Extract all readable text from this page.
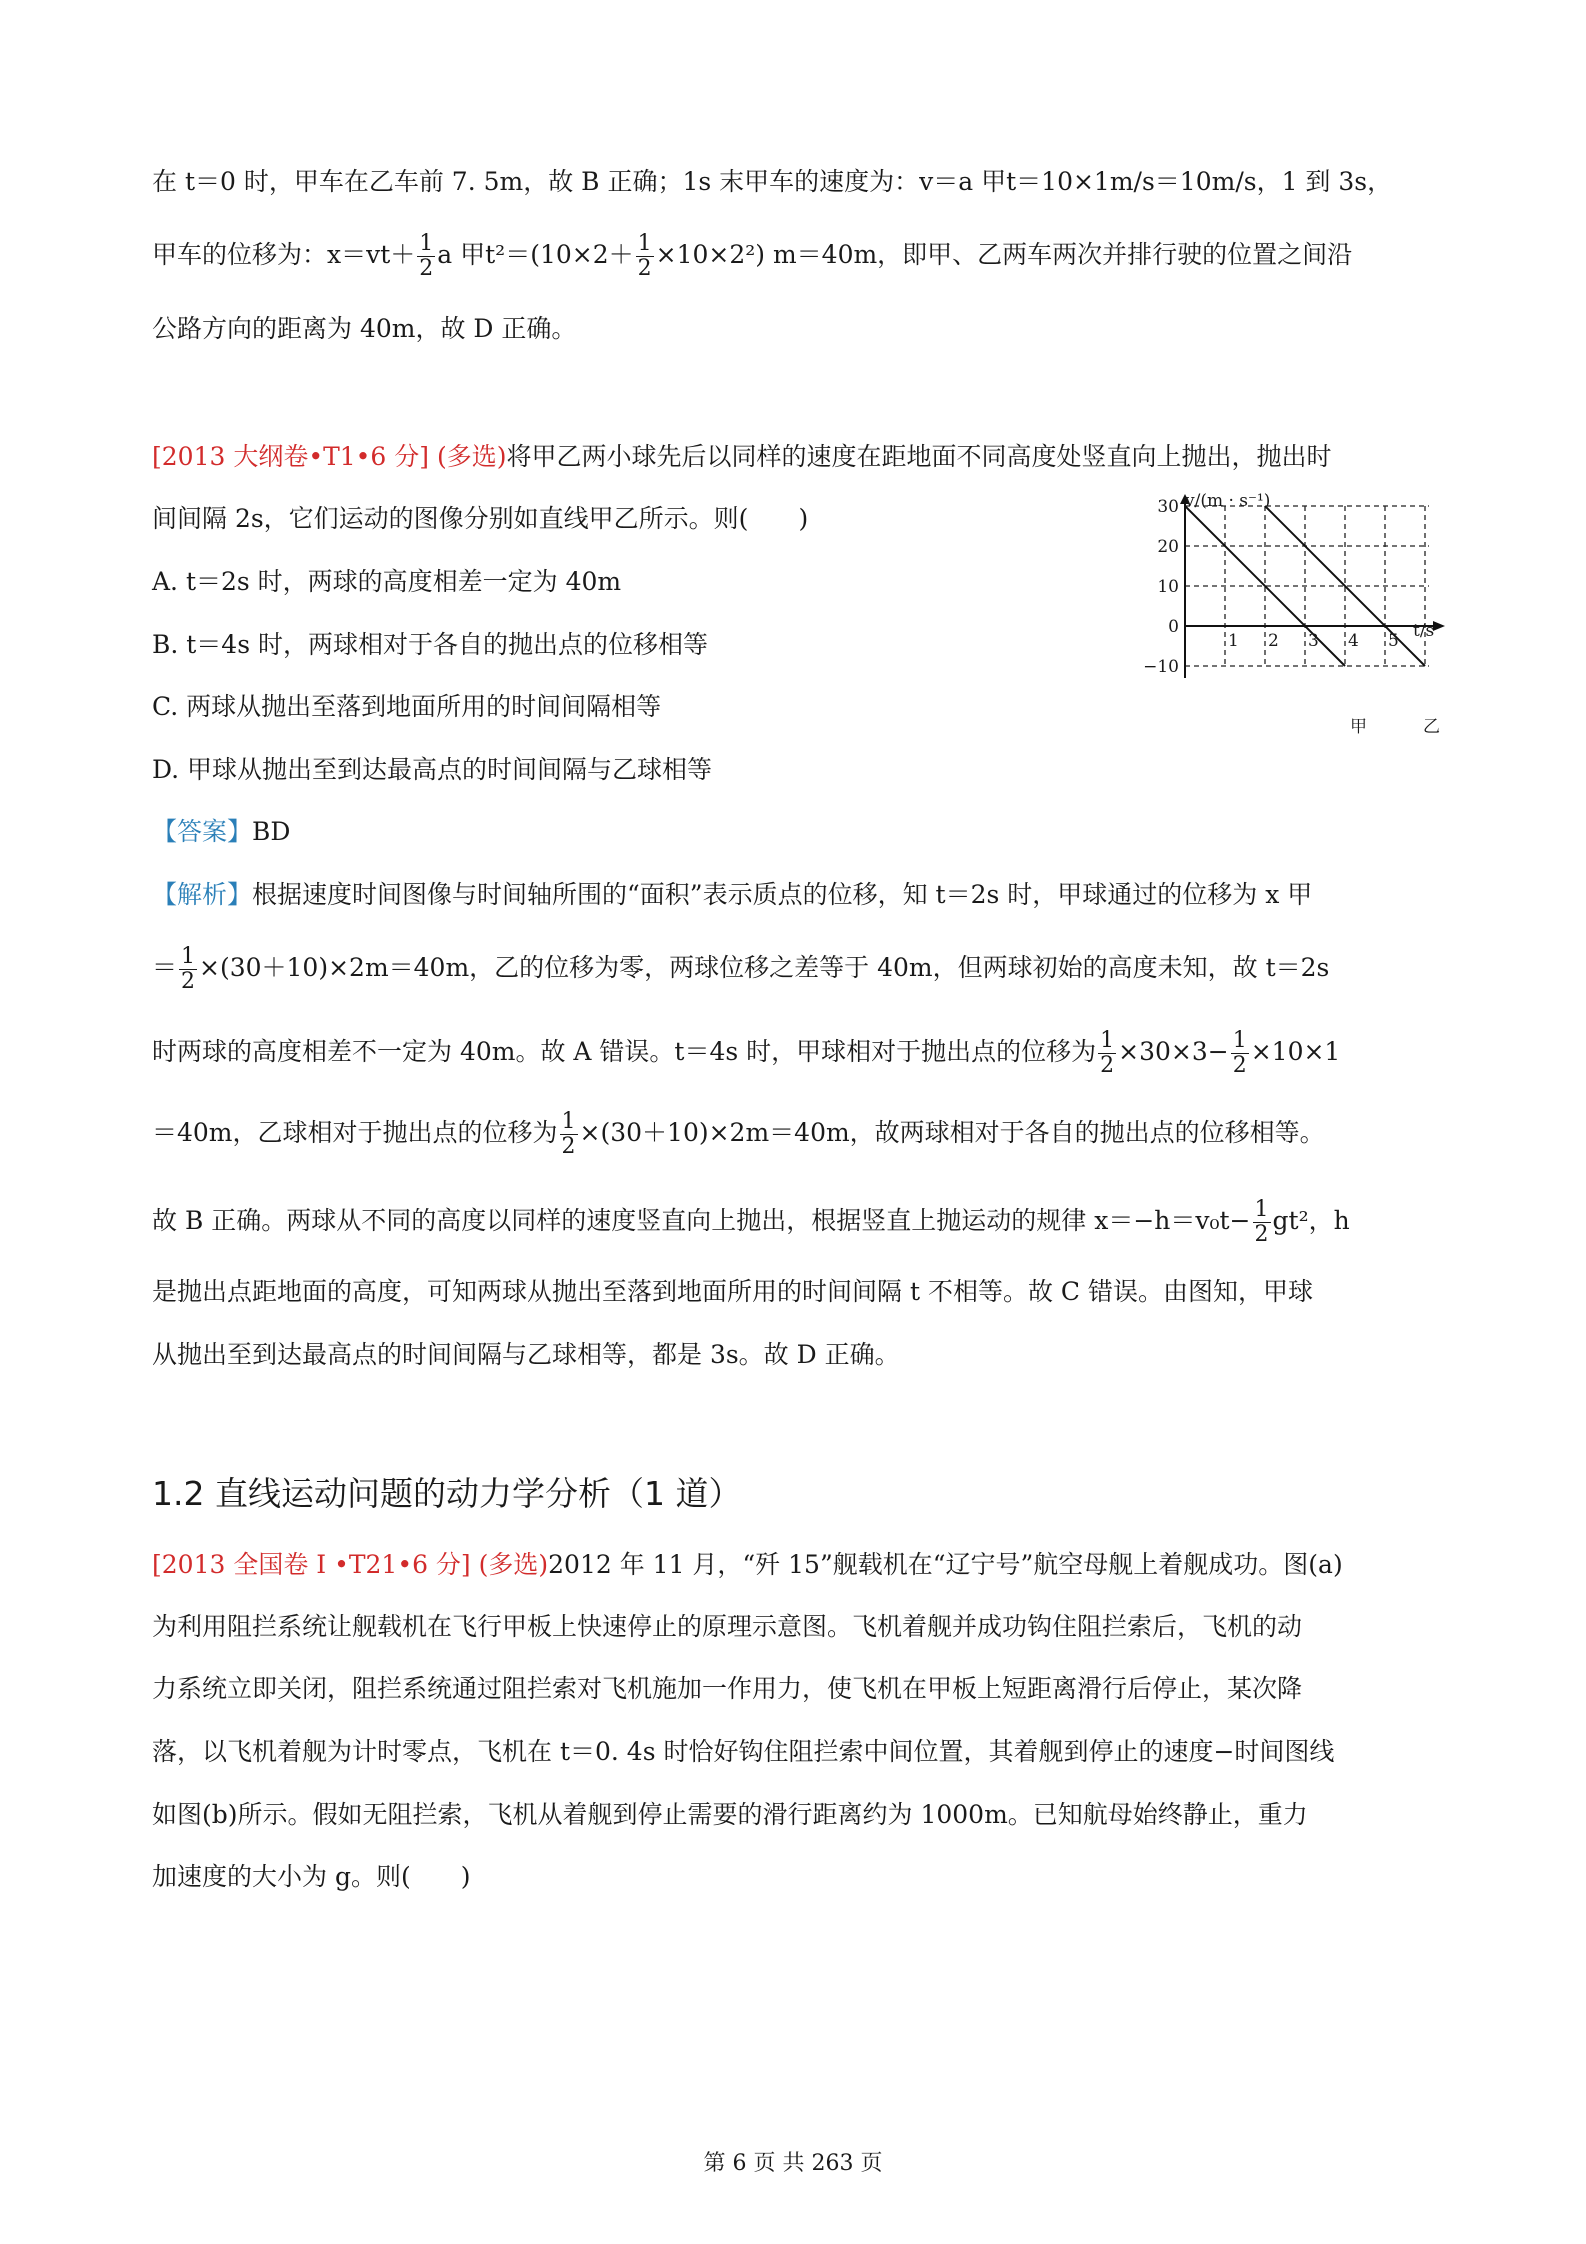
在 t＝0 时，甲车在乙车前 7. 5m，故 B 正确；1s 末甲车的速度为：v＝a 甲t＝10×1m/s＝10m/s，1 到 3s，
甲车的位移为：$x=vt+ \frac{1}{2}$ a 甲$t^2=(10\times 2+ \frac{1}{2} \times 10\times 2^2)$ m＝40m，即甲、乙两车两次并排行驶的位置之间沿
公路方向的距离为 40m，故 D 正确。
[2013 大纲卷•T1•6 分] (多选)将甲乙两小球先后以同样的速度在距地面不同高度处竖直向上抛出，抛出时
间间隔 2s，它们运动的图像分别如直线甲乙所示。则(　　)
A. t＝2s 时，两球的高度相差一定为 40m
B. t＝4s 时，两球相对于各自的抛出点的位移相等
C. 两球从抛出至落到地面所用的时间间隔相等
D. 甲球从抛出至到达最高点的时间间隔与乙球相等
v/(m · s⁻¹)
t/s
30
20
10
0
−10
1 2 3 4 5
甲	乙
【答案】BD
【解析】根据速度时间图像与时间轴所围的“面积”表示质点的位移，知 t＝2s 时，甲球通过的位移为 x 甲
＝ $\frac{1}{2} \times(30+10)\times 2m=40m$，乙的位移为零，两球位移之差等于 40m，但两球初始的高度未知，故 t＝2s
时两球的高度相差不一定为 40m。故 A 错误。t＝4s 时，甲球相对于抛出点的位移为 $\frac{1}{2} \times 30\times 3- \frac{1}{2} \times 10\times 1$
＝40m，乙球相对于抛出点的位移为 $\frac{1}{2} \times(30+10)\times 2m=40m$，故两球相对于各自的抛出点的位移相等。
故 B 正确。两球从不同的高度以同样的速度竖直向上抛出，根据竖直上抛运动的规律 $x=-h=v_0t- \frac{1}{2} gt^2$，h
是抛出点距地面的高度，可知两球从抛出至落到地面所用的时间间隔 t 不相等。故 C 错误。由图知，甲球
从抛出至到达最高点的时间间隔与乙球相等，都是 3s。故 D 正确。
1.2 直线运动问题的动力学分析（1 道）
[2013 全国卷 I •T21•6 分] (多选)2012 年 11 月，“歼 15”舰载机在“辽宁号”航空母舰上着舰成功。图(a)
为利用阻拦系统让舰载机在飞行甲板上快速停止的原理示意图。飞机着舰并成功钩住阻拦索后，飞机的动
力系统立即关闭，阻拦系统通过阻拦索对飞机施加一作用力，使飞机在甲板上短距离滑行后停止，某次降
落，以飞机着舰为计时零点，飞机在 t＝0. 4s 时恰好钩住阻拦索中间位置，其着舰到停止的速度−时间图线
如图(b)所示。假如无阻拦索，飞机从着舰到停止需要的滑行距离约为 1000m。已知航母始终静止，重力
加速度的大小为 g。则(　　)
第 6 页 共 263 页
